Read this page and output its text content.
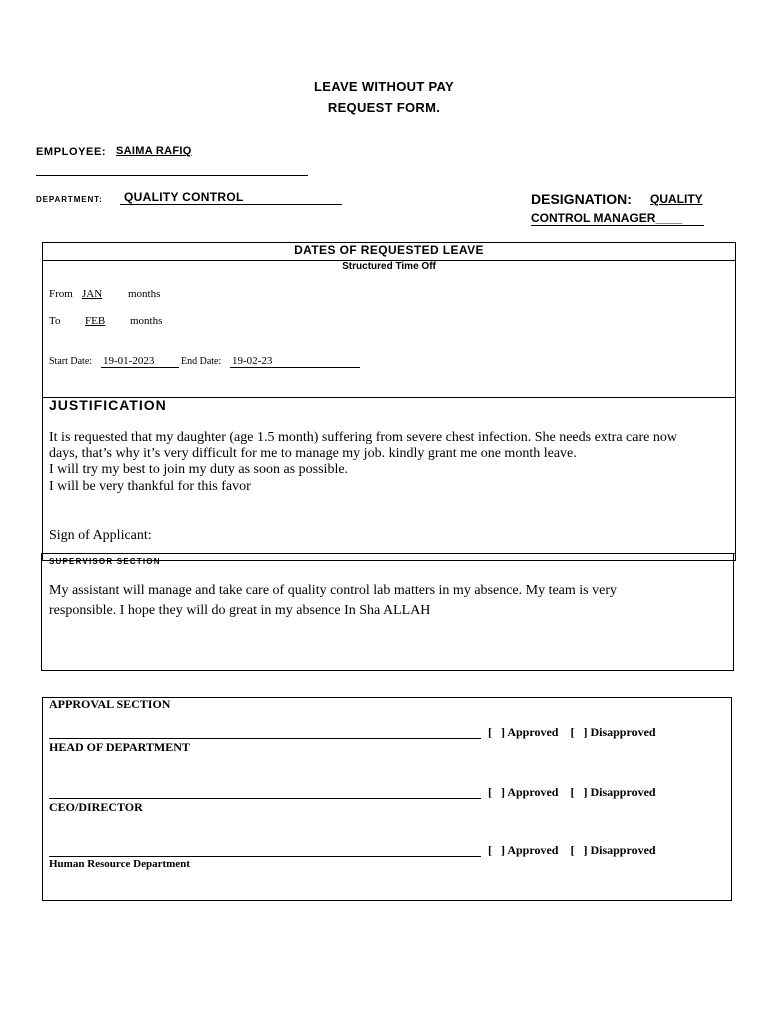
LEAVE WITHOUT PAY
REQUEST FORM.
EMPLOYEE: SAIMA RAFIQ
DEPARTMENT: QUALITY CONTROL	DESIGNATION: QUALITY
CONTROL MANAGER____
DATES OF REQUESTED LEAVE
Structured Time Off
From JAN months
To FEB months
Start Date: 19-01-2023	End Date: 19-02-23
JUSTIFICATION
It is requested that my daughter (age 1.5 month) suffering from severe chest infection. She needs extra care now
days, that’s why it’s very difficult for me to manage my job. kindly grant me one month leave.
I will try my best to join my duty as soon as possible.
I will be very thankful for this favor
Sign of Applicant:
SUPERVISOR SECTION
My assistant will manage and take care of quality control lab matters in my absence. My team is very
responsible. I hope they will do great in my absence In Sha ALLAH
APPROVAL SECTION
[   ] Approved [   ] Disapproved
HEAD OF DEPARTMENT
[   ] Approved [   ] Disapproved
CEO/DIRECTOR
[   ] Approved [   ] Disapproved
Human Resource Department
